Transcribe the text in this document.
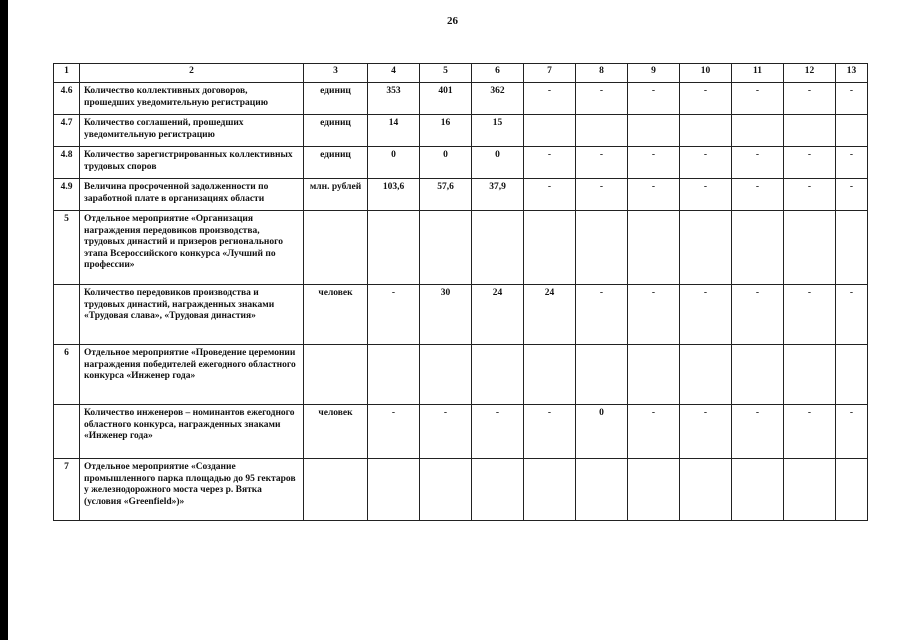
26
1	2	3	4	5	6	7	8	9	10	11	12	13
4.6	Количество коллективных договоров, прошедших уведомительную регистрацию	единиц	353	401	362	-	-	-	-	-	-	-
4.7	Количество соглашений, прошедших уведомительную регистрацию	единиц	14	16	15							
4.8	Количество зарегистрированных коллективных трудовых споров	единиц	0	0	0	-	-	-	-	-	-	-
4.9	Величина просроченной задолженности по заработной плате в организациях области	млн. рублей	103,6	57,6	37,9	-	-	-	-	-	-	-
5	Отдельное мероприятие «Организация награждения передовиков производства, трудовых династий и призеров регионального этапа Всероссийского конкурса «Лучший по профессии»											
	Количество передовиков производства и трудовых династий, награжденных знаками «Трудовая слава», «Трудовая династия»	человек	-	30	24	24	-	-	-	-	-	-
6	Отдельное мероприятие «Проведение церемонии награждения победителей ежегодного областного конкурса «Инженер года»											
	Количество инженеров – номинантов ежегодного областного конкурса, награжденных знаками «Инженер года»	человек	-	-	-	-	0	-	-	-	-	-
7	Отдельное мероприятие «Создание промышленного парка площадью до 95 гектаров у железнодорожного моста через р. Вятка (условия «Greenfield»)»											
